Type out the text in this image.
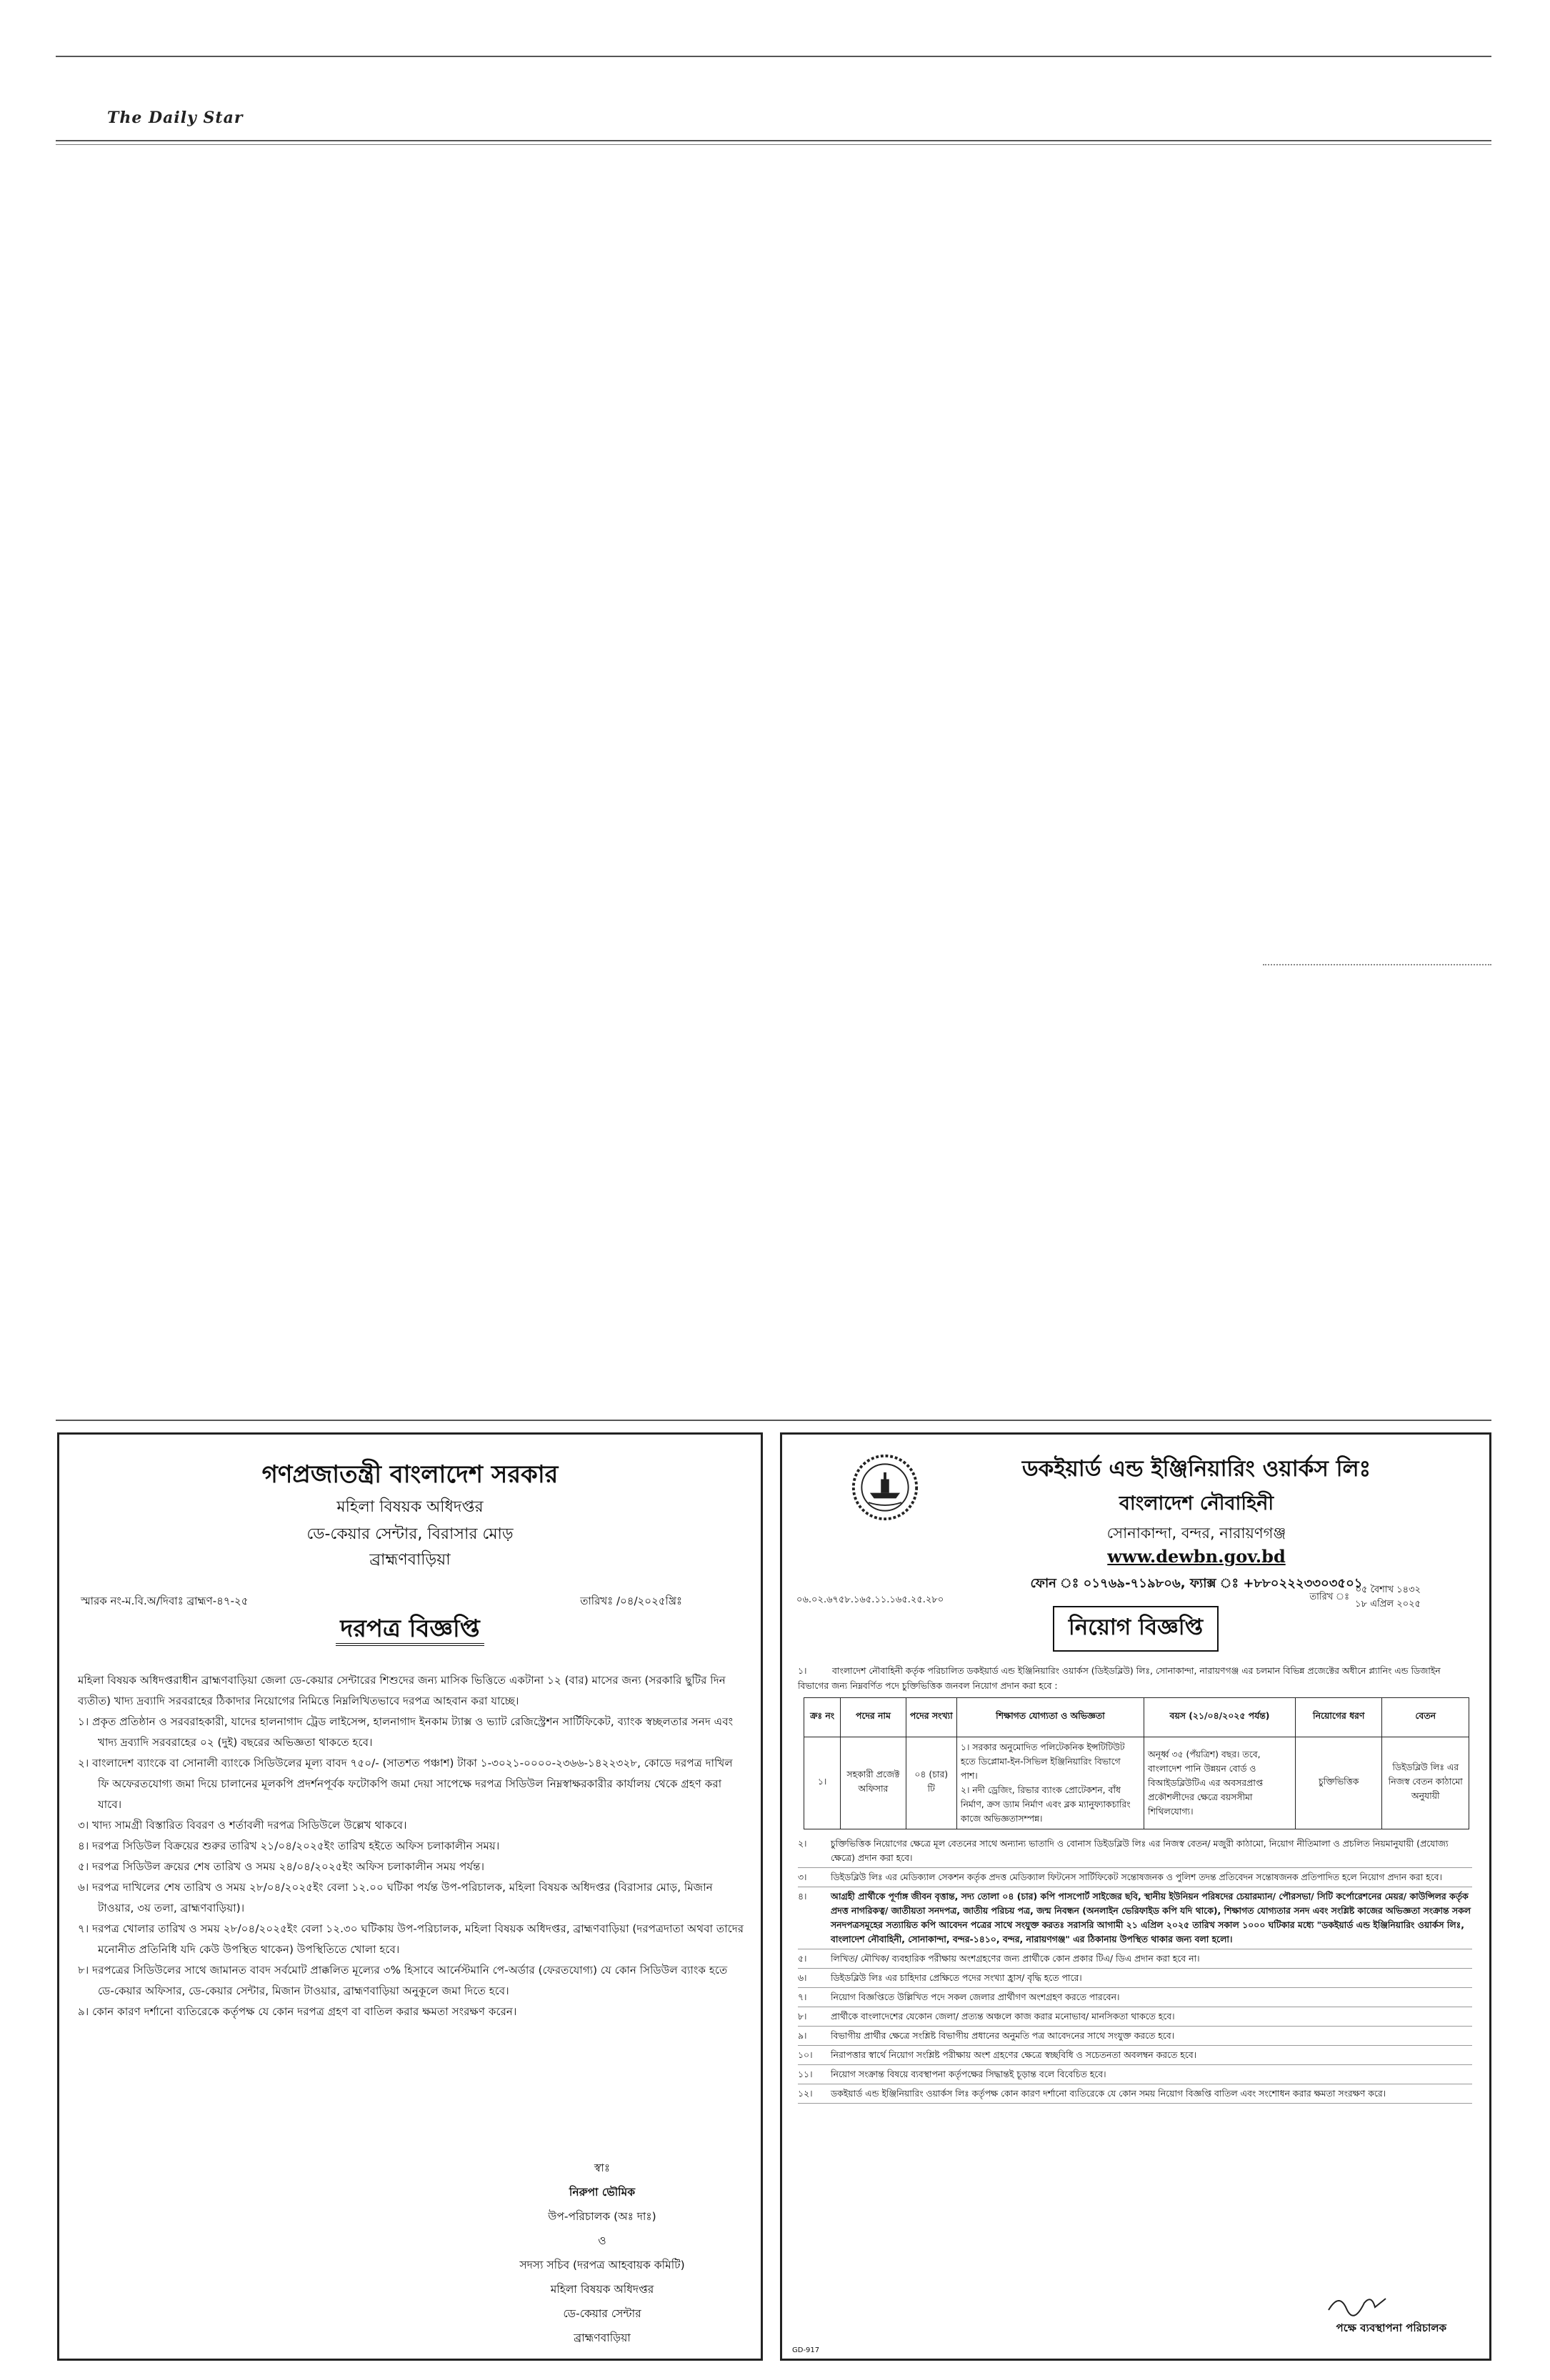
The Daily Star
গণপ্রজাতন্ত্রী বাংলাদেশ সরকার
মহিলা বিষয়ক অধিদপ্তর
ডে-কেয়ার সেন্টার, বিরাসার মোড়
ব্রাহ্মণবাড়িয়া
স্মারক নং-ম.বি.অ/দিবাঃ ব্রাহ্মণ-৪৭-২৫	তারিখঃ /০৪/২০২৫খ্রিঃ
দরপত্র বিজ্ঞপ্তি

মহিলা বিষয়ক অধিদপ্তরাধীন ব্রাহ্মণবাড়িয়া জেলা ডে-কেয়ার সেন্টারের শিশুদের জন্য মাসিক ভিত্তিতে একটানা ১২ (বার) মাসের জন্য (সরকারি ছুটির দিন ব্যতীত) খাদ্য দ্রব্যাদি সরবরাহের ঠিকাদার নিয়োগের নিমিত্তে নিম্নলিখিতভাবে দরপত্র আহবান করা যাচ্ছে।

১। প্রকৃত প্রতিষ্ঠান ও সরবরাহকারী, যাদের হালনাগাদ ট্রেড লাইসেন্স, হালনাগাদ ইনকাম ট্যাক্স ও ভ্যাট রেজিস্ট্রেশন সার্টিফিকেট, ব্যাংক স্বচ্ছলতার সনদ এবং খাদ্য দ্রব্যাদি সরবরাহের ০২ (দুই) বছরের অভিজ্ঞতা থাকতে হবে।

২। বাংলাদেশ ব্যাংকে বা সোনালী ব্যাংকে সিডিউলের মূল্য বাবদ ৭৫০/- (সাতশত পঞ্চাশ) টাকা ১-৩০২১-০০০০-২৩৬৬-১৪২২৩২৮, কোডে দরপত্র দাখিল ফি অফেরতযোগ্য জমা দিয়ে চালানের মূলকপি প্রদর্শনপূর্বক ফটোকপি জমা দেয়া সাপেক্ষে দরপত্র সিডিউল নিম্নস্বাক্ষরকারীর কার্যালয় থেকে গ্রহণ করা যাবে।

৩। খাদ্য সামগ্রী বিস্তারিত বিবরণ ও শর্তাবলী দরপত্র সিডিউলে উল্লেখ থাকবে।

৪। দরপত্র সিডিউল বিক্রয়ের শুরুর তারিখ ২১/০৪/২০২৫ইং তারিখ হইতে অফিস চলাকালীন সময়।

৫। দরপত্র সিডিউল ক্রয়ের শেষ তারিখ ও সময় ২৪/০৪/২০২৫ইং অফিস চলাকালীন সময় পর্যন্ত।

৬। দরপত্র দাখিলের শেষ তারিখ ও সময় ২৮/০৪/২০২৫ইং বেলা ১২.০০ ঘটিকা পর্যন্ত উপ-পরিচালক, মহিলা বিষয়ক অধিদপ্তর (বিরাসার মোড়, মিজান টাওয়ার, ৩য় তলা, ব্রাহ্মণবাড়িয়া)।

৭। দরপত্র খোলার তারিখ ও সময় ২৮/০৪/২০২৫ইং বেলা ১২.৩০ ঘটিকায় উপ-পরিচালক, মহিলা বিষয়ক অধিদপ্তর, ব্রাহ্মণবাড়িয়া (দরপত্রদাতা অথবা তাদের মনোনীত প্রতিনিধি যদি কেউ উপস্থিত থাকেন) উপস্থিতিতে খোলা হবে।

৮। দরপত্রের সিডিউলের সাথে জামানত বাবদ সর্বমোট প্রাক্কলিত মূল্যের ৩% হিসাবে আর্নেস্টমানি পে-অর্ডার (ফেরতযোগ্য) যে কোন সিডিউল ব্যাংক হতে ডে-কেয়ার অফিসার, ডে-কেয়ার সেন্টার, মিজান টাওয়ার, ব্রাহ্মণবাড়িয়া অনুকূলে জমা দিতে হবে।

৯। কোন কারণ দর্শানো ব্যতিরেকে কর্তৃপক্ষ যে কোন দরপত্র গ্রহণ বা বাতিল করার ক্ষমতা সংরক্ষণ করেন।

স্বাঃ
নিরুপা ভৌমিক
উপ-পরিচালক (অঃ দাঃ)
ও
সদস্য সচিব (দরপত্র আহবায়ক কমিটি)
মহিলা বিষয়ক অধিদপ্তর
ডে-কেয়ার সেন্টার
ব্রাহ্মণবাড়িয়া
ডকইয়ার্ড এন্ড ইঞ্জিনিয়ারিং ওয়ার্কস লিঃ
বাংলাদেশ নৌবাহিনী
সোনাকান্দা, বন্দর, নারায়ণগঞ্জ
www.dewbn.gov.bd
ফোন ঃ ০১৭৬৯-৭১৯৮০৬, ফ্যাক্স ঃ +৮৮০২২২৩৩০৩৫০১
০৬.০২.৬৭৫৮.১৬৫.১১.১৬৫.২৫.২৮০	তারিখ ঃ
০৫ বৈশাখ ১৪৩২
১৮ এপ্রিল ২০২৫
নিয়োগ বিজ্ঞপ্তি
১।	বাংলাদেশ নৌবাহিনী কর্তৃক পরিচালিত ডকইয়ার্ড এন্ড ইঞ্জিনিয়ারিং ওয়ার্কস (ডিইডব্লিউ) লিঃ, সোনাকান্দা, নারায়ণগঞ্জ এর চলমান বিভিন্ন প্রজেক্টের অধীনে প্ল্যানিং এন্ড ডিজাইন বিভাগের জন্য নিম্নবর্ণিত পদে চুক্তিভিত্তিক জনবল নিয়োগ প্রদান করা হবে :
ক্রঃ নং	পদের নাম	পদের সংখ্যা	শিক্ষাগত যোগ্যতা ও অভিজ্ঞতা	বয়স (২১/০৪/২০২৫ পর্যন্ত)	নিয়োগের ধরণ	বেতন
১।	সহকারী প্রজেক্ট অফিসার	০৪ (চার) টি	১। সরকার অনুমোদিত পলিটেকনিক ইন্সটিটিউট হতে ডিপ্লোমা-ইন-সিভিল ইঞ্জিনিয়ারিং বিভাগে পাশ।
২। নদী ড্রেজিং, রিভার ব্যাংক প্রোটেকশন, বাঁধ নির্মাণ, ক্রস ড্যাম নির্মাণ এবং ব্লক ম্যানুফ্যাকচারিং কাজে অভিজ্ঞতাসম্পন্ন।	অনূর্ধ্ব ৩৫ (পঁয়ত্রিশ) বছর। তবে, বাংলাদেশ পানি উন্নয়ন বোর্ড ও বিআইডব্লিউটিএ এর অবসরপ্রাপ্ত প্রকৌশলীদের ক্ষেত্রে বয়সসীমা শিথিলযোগ্য।	চুক্তিভিত্তিক	ডিইডব্লিউ লিঃ এর নিজস্ব বেতন কাঠামো অনুযায়ী
২।	চুক্তিভিত্তিক নিয়োগের ক্ষেত্রে মূল বেতনের সাথে অন্যান্য ভাতাদি ও বোনাস ডিইডব্লিউ লিঃ এর নিজস্ব বেতন/ মজুরী কাঠামো, নিয়োগ নীতিমালা ও প্রচলিত নিয়মানুযায়ী (প্রযোজ্য ক্ষেত্রে) প্রদান করা হবে।
৩।	ডিইডব্লিউ লিঃ এর মেডিক্যাল সেকশন কর্তৃক প্রদত্ত মেডিক্যাল ফিটনেস সার্টিফিকেট সন্তোষজনক ও পুলিশ তদন্ত প্রতিবেদন সন্তোষজনক প্রতিপাদিত হলে নিয়োগ প্রদান করা হবে।
৪।	আগ্রহী প্রার্থীকে পূর্ণাঙ্গ জীবন বৃত্তান্ত, সদ্য তোলা ০৪ (চার) কপি পাসপোর্ট সাইজের ছবি, স্থানীয় ইউনিয়ন পরিষদের চেয়ারম্যান/ পৌরসভা/ সিটি কর্পোরেশনের মেয়র/ কাউন্সিলর কর্তৃক প্রদত্ত নাগরিকত্ব/ জাতীয়তা সনদপত্র, জাতীয় পরিচয় পত্র, জন্ম নিবন্ধন (অনলাইন ভেরিফাইড কপি যদি থাকে), শিক্ষাগত যোগ্যতার সনদ এবং সংশ্লিষ্ট কাজের অভিজ্ঞতা সংক্রান্ত সকল সনদপত্রসমূহের সত্যায়িত কপি আবেদন পত্রের সাথে সংযুক্ত করতঃ সরাসরি আগামী ২১ এপ্রিল ২০২৫ তারিখ সকাল ১০০০ ঘটিকার মধ্যে "ডকইয়ার্ড এন্ড ইঞ্জিনিয়ারিং ওয়ার্কস লিঃ, বাংলাদেশ নৌবাহিনী, সোনাকান্দা, বন্দর-১৪১০, বন্দর, নারায়ণগঞ্জ" এর ঠিকানায় উপস্থিত থাকার জন্য বলা হলো।
৫।	লিখিত/ মৌখিক/ ব্যবহারিক পরীক্ষায় অংশগ্রহণের জন্য প্রার্থীকে কোন প্রকার টিএ/ ডিএ প্রদান করা হবে না।
৬।	ডিইডব্লিউ লিঃ এর চাহিদার প্রেক্ষিতে পদের সংখ্যা হ্রাস/ বৃদ্ধি হতে পারে।
৭।	নিয়োগ বিজ্ঞপ্তিতে উল্লিখিত পদে সকল জেলার প্রার্থীগণ অংশগ্রহণ করতে পারবেন।
৮।	প্রার্থীকে বাংলাদেশের যেকোন জেলা/ প্রত্যন্ত অঞ্চলে কাজ করার মনোভাব/ মানসিকতা থাকতে হবে।
৯।	বিভাগীয় প্রার্থীর ক্ষেত্রে সংশ্লিষ্ট বিভাগীয় প্রধানের অনুমতি পত্র আবেদনের সাথে সংযুক্ত করতে হবে।
১০।	নিরাপত্তার স্বার্থে নিয়োগ সংশ্লিষ্ট পরীক্ষায় অংশ গ্রহণের ক্ষেত্রে স্বচ্ছবিধি ও সচেতনতা অবলম্বন করতে হবে।
১১।	নিয়োগ সংক্রান্ত বিষয়ে ব্যবস্থাপনা কর্তৃপক্ষের সিদ্ধান্তই চূড়ান্ত বলে বিবেচিত হবে।
১২।	ডকইয়ার্ড এন্ড ইঞ্জিনিয়ারিং ওয়ার্কস লিঃ কর্তৃপক্ষ কোন কারণ দর্শানো ব্যতিরেকে যে কোন সময় নিয়োগ বিজ্ঞপ্তি বাতিল এবং সংশোধন করার ক্ষমতা সংরক্ষণ করে।
পক্ষে ব্যবস্থাপনা পরিচালক
GD-917
